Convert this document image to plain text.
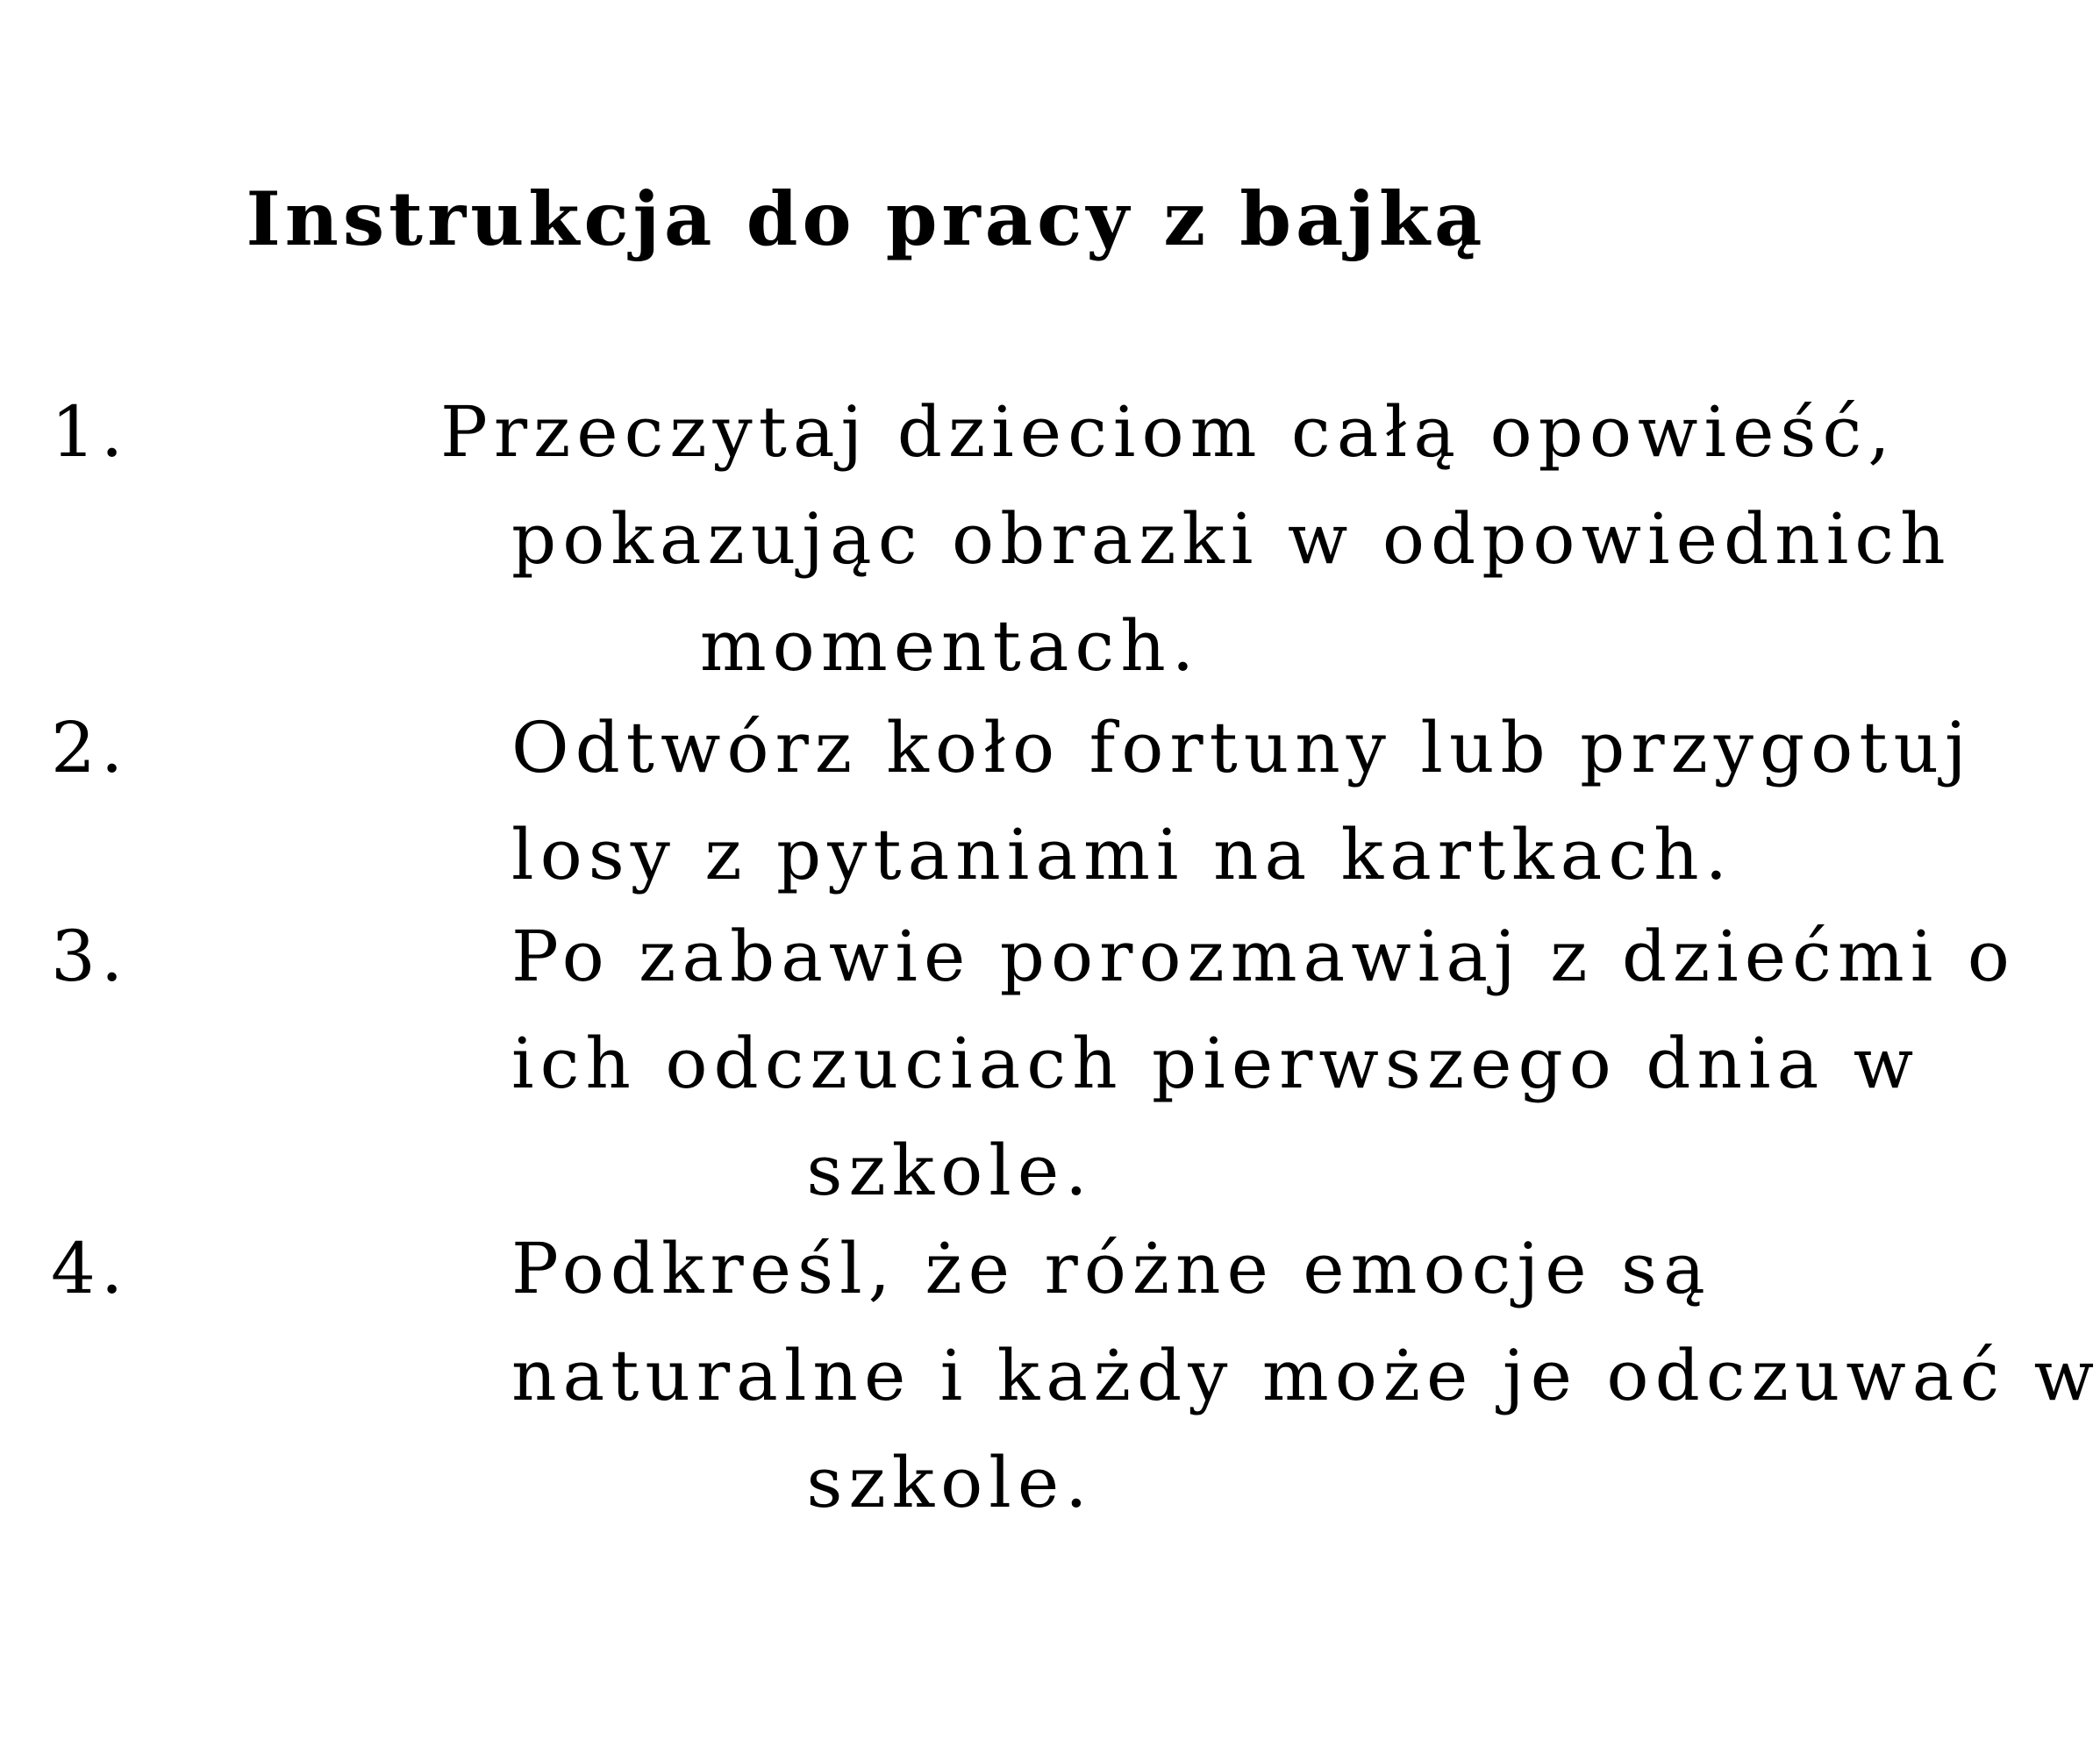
Instrukcja do pracy z bajką
1.	Przeczytaj dzieciom całą opowieść,
pokazując obrazki w odpowiednich
momentach.
2.	Odtwórz koło fortuny lub przygotuj
losy z pytaniami na kartkach.
3.	Po zabawie porozmawiaj z dziećmi o
ich odczuciach pierwszego dnia w
szkole.
4.	Podkreśl, że różne emocje są
naturalne i każdy może je odczuwać w
szkole.
